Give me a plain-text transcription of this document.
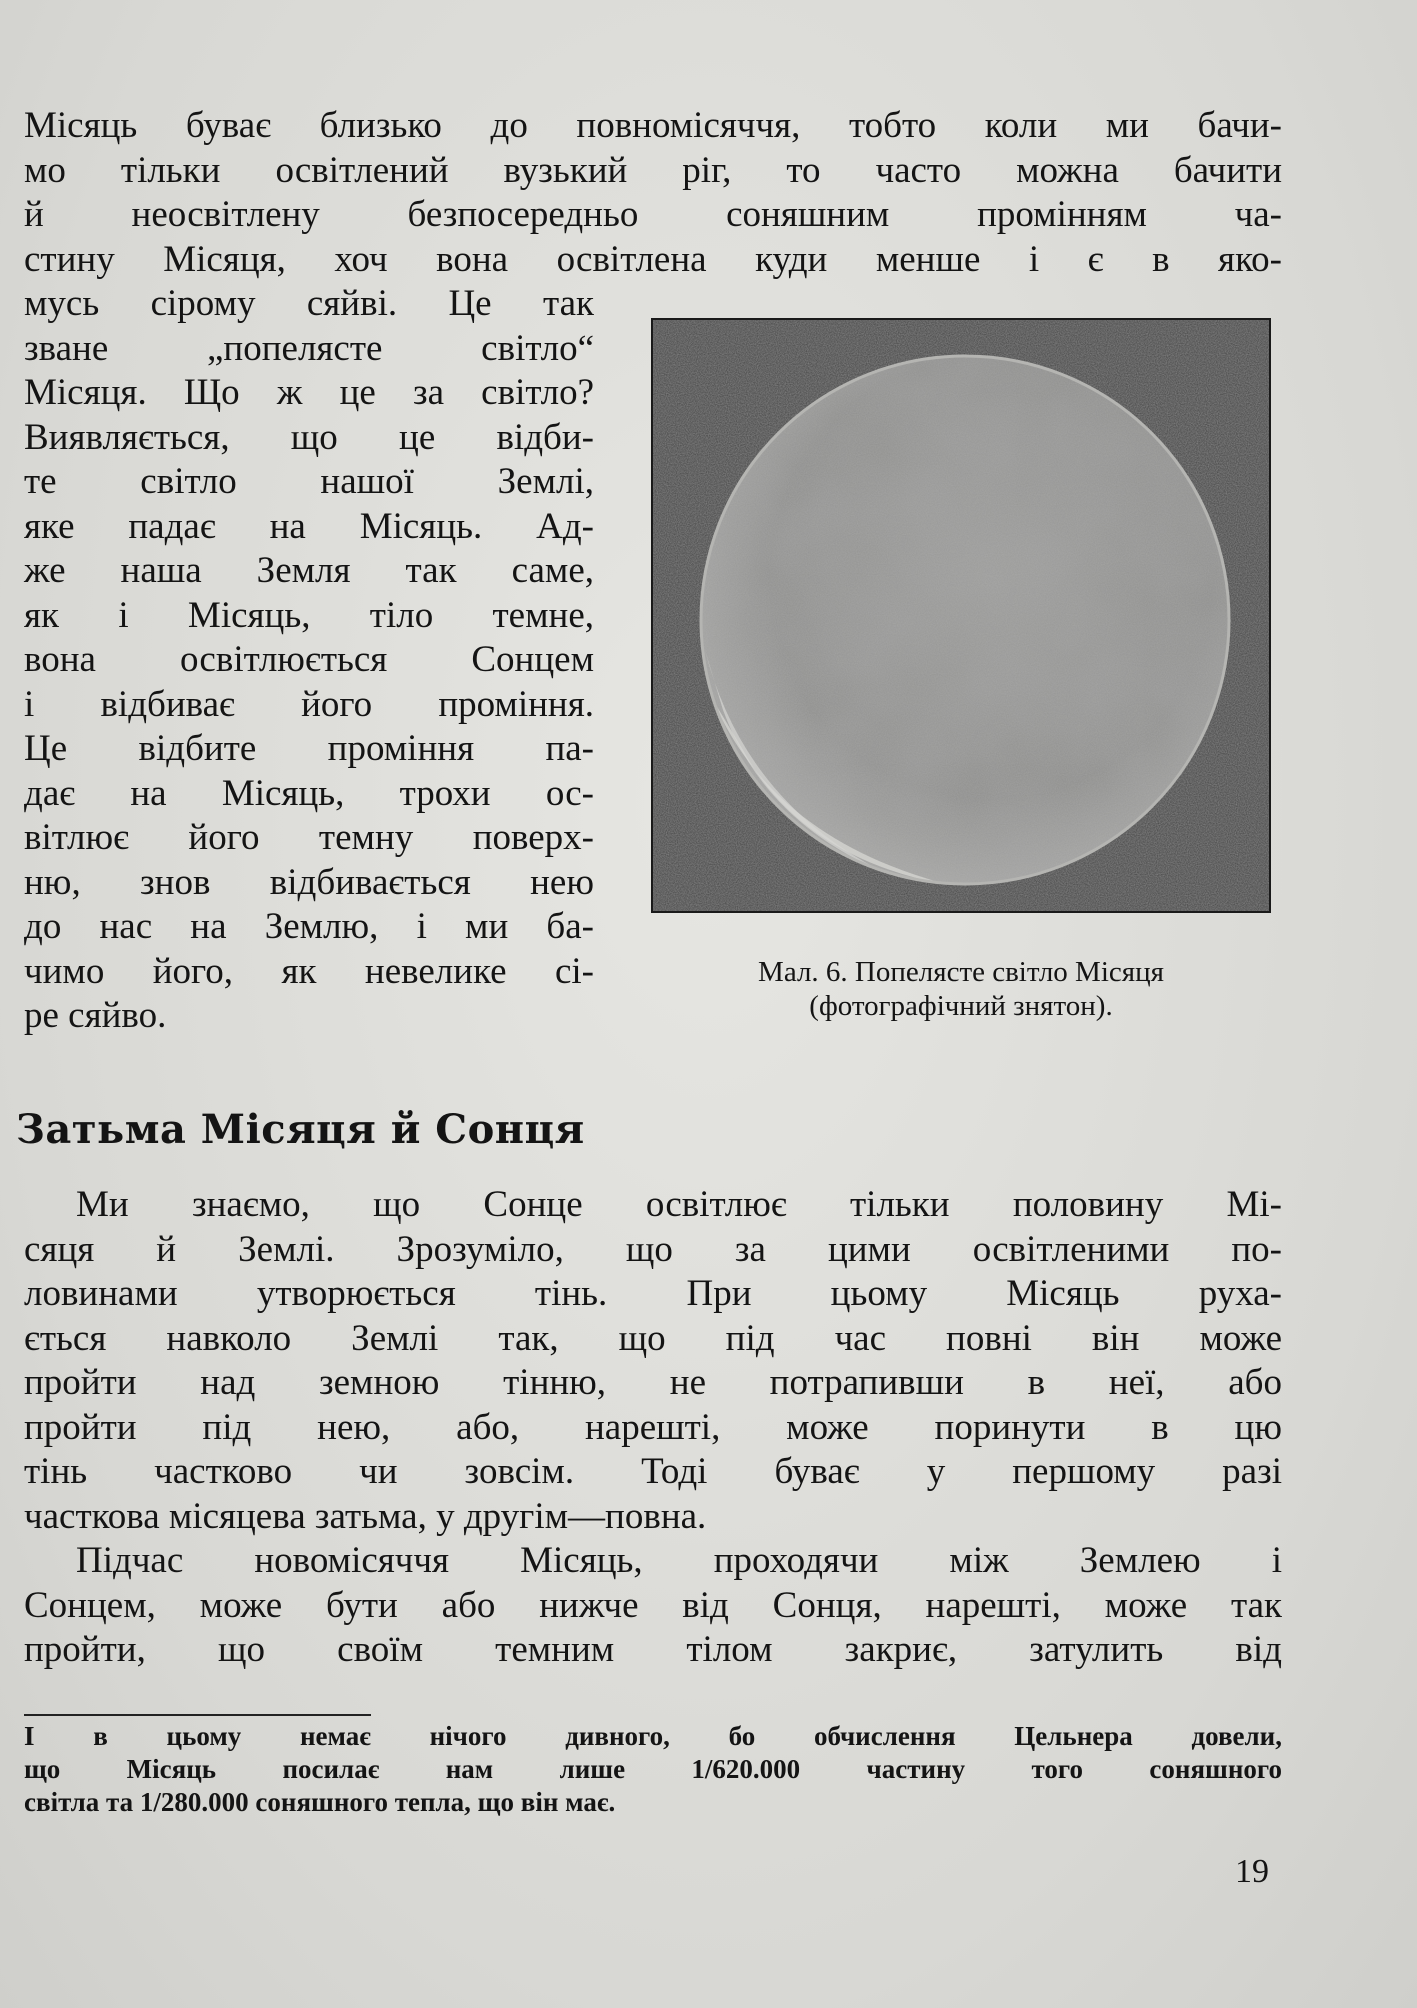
Місяць буває близько до повномісяччя, тобто коли ми бачи-
мо тільки освітлений вузький ріг, то часто можна бачити
й неосвітлену безпосередньо соняшним промінням ча-
стину Місяця, хоч вона освітлена куди менше і є в яко-
мусь сірому сяйві. Це так
зване „попелясте світло“
Місяця. Що ж це за світло?
Виявляється, що це відби-
те світло нашої Землі,
яке падає на Місяць. Ад-
же наша Земля так саме,
як і Місяць, тіло темне,
вона освітлюється Сонцем
і відбиває його проміння.
Це відбите проміння па-
дає на Місяць, трохи ос-
вітлює його темну поверх-
ню, знов відбивається нею
до нас на Землю, і ми ба-
чимо його, як невелике сі-
ре сяйво.
Мал. 6. Попелясте світло Місяця
(фотографічний знятон).
Затьма Місяця й Сонця
Ми знаємо, що Сонце освітлює тільки половину Мі-
сяця й Землі. Зрозуміло, що за цими освітленими по-
ловинами утворюється тінь. При цьому Місяць руха-
ється навколо Землі так, що під час повні він може
пройти над земною тінню, не потрапивши в неї, або
пройти під нею, або, нарешті, може поринути в цю
тінь частково чи зовсім. Тоді буває у першому разі
часткова місяцева затьма, у другім—повна.
Підчас новомісяччя Місяць, проходячи між Землею і
Сонцем, може бути або нижче від Сонця, нарешті, може так
пройти, що своїм темним тілом закриє, затулить від
І в цьому немає нічого дивного, бо обчислення Цельнера довели,
що Місяць посилає нам лише 1/620.000 частину того соняшного
світла та 1/280.000 соняшного тепла, що він має.
19
